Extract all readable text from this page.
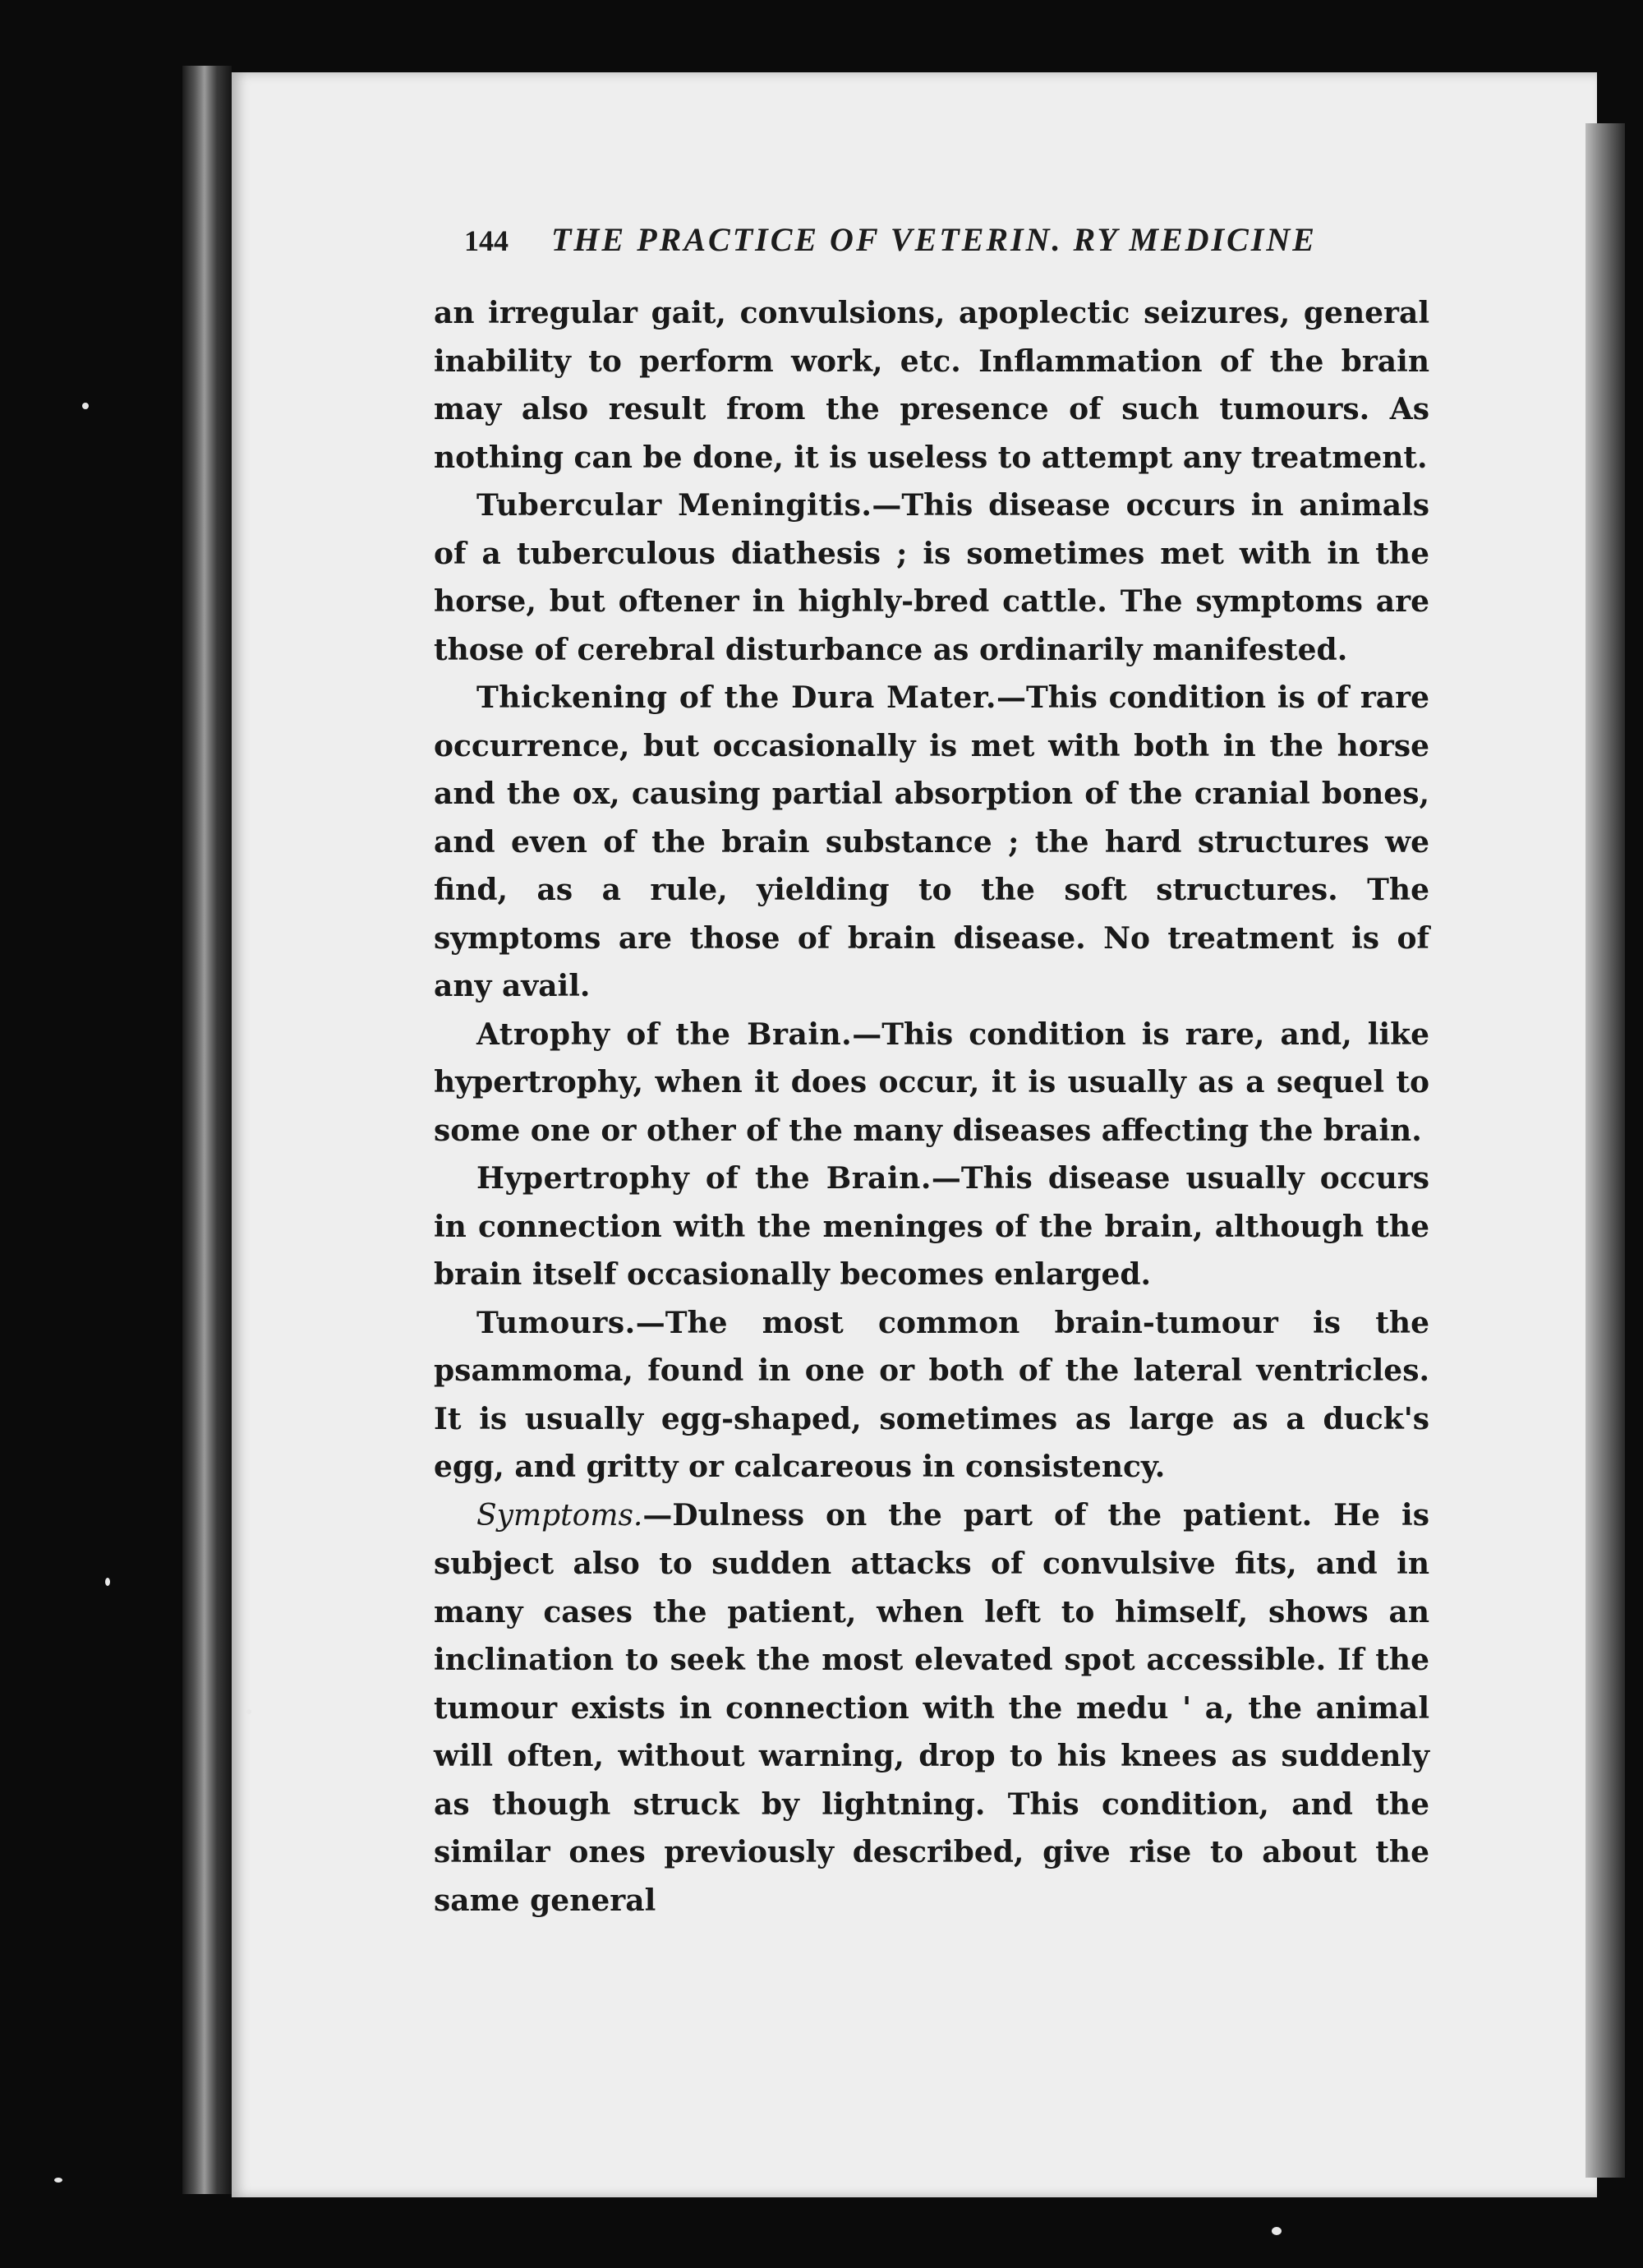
144 THE PRACTICE OF VETERIN. RY MEDICINE

an irregular gait, convulsions, apoplectic seizures, general inability to perform work, etc. Inflammation of the brain may also result from the presence of such tumours. As nothing can be done, it is useless to attempt any treatment.

Tubercular Meningitis.—This disease occurs in animals of a tuberculous diathesis ; is sometimes met with in the horse, but oftener in highly-bred cattle. The symptoms are those of cerebral disturbance as ordinarily manifested.

Thickening of the Dura Mater.—This condition is of rare occurrence, but occasionally is met with both in the horse and the ox, causing partial absorption of the cranial bones, and even of the brain substance ; the hard structures we find, as a rule, yielding to the soft structures. The symptoms are those of brain disease. No treatment is of any avail.

Atrophy of the Brain.—This condition is rare, and, like hypertrophy, when it does occur, it is usually as a sequel to some one or other of the many diseases affecting the brain.

Hypertrophy of the Brain.—This disease usually occurs in connection with the meninges of the brain, although the brain itself occasionally becomes enlarged.

Tumours.—The most common brain-tumour is the psammoma, found in one or both of the lateral ventricles. It is usually egg-shaped, sometimes as large as a duck's egg, and gritty or calcareous in consistency.

Symptoms.—Dulness on the part of the patient. He is subject also to sudden attacks of convulsive fits, and in many cases the patient, when left to himself, shows an inclination to seek the most elevated spot accessible. If the tumour exists in connection with the medu ' a, the animal will often, without warning, drop to his knees as suddenly as though struck by lightning. This condition, and the similar ones previously described, give rise to about the same general
